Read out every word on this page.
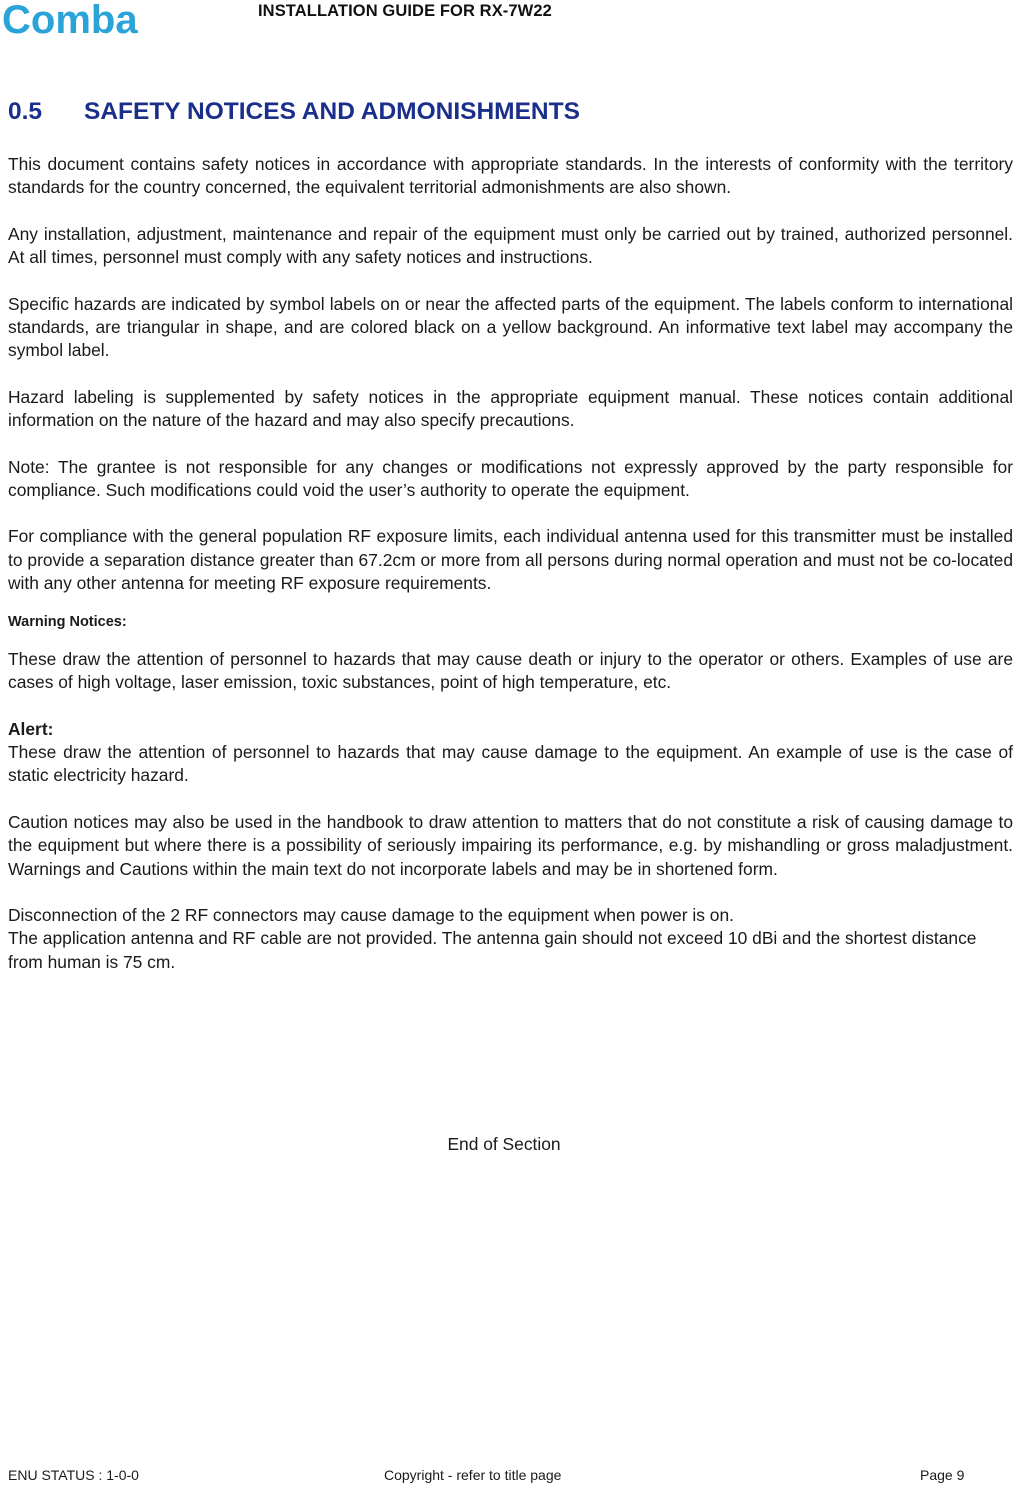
Comba	INSTALLATION GUIDE FOR RX-7W22
0.5 SAFETY NOTICES AND ADMONISHMENTS

This document contains safety notices in accordance with appropriate standards. In the interests of conformity with the territory standards for the country concerned, the equivalent territorial admonishments are also shown.

Any installation, adjustment, maintenance and repair of the equipment must only be carried out by trained, authorized personnel. At all times, personnel must comply with any safety notices and instructions.

Specific hazards are indicated by symbol labels on or near the affected parts of the equipment. The labels conform to international standards, are triangular in shape, and are colored black on a yellow background. An informative text label may accompany the symbol label.

Hazard labeling is supplemented by safety notices in the appropriate equipment manual. These notices contain additional information on the nature of the hazard and may also specify precautions.

Note: The grantee is not responsible for any changes or modifications not expressly approved by the party responsible for compliance. Such modifications could void the user’s authority to operate the equipment.

For compliance with the general population RF exposure limits, each individual antenna used for this transmitter must be installed to provide a separation distance greater than 67.2cm or more from all persons during normal operation and must not be co-located with any other antenna for meeting RF exposure requirements.

Warning Notices:

These draw the attention of personnel to hazards that may cause death or injury to the operator or others. Examples of use are cases of high voltage, laser emission, toxic substances, point of high temperature, etc.

Alert:

These draw the attention of personnel to hazards that may cause damage to the equipment. An example of use is the case of static electricity hazard.

Caution notices may also be used in the handbook to draw attention to matters that do not constitute a risk of causing damage to the equipment but where there is a possibility of seriously impairing its performance, e.g. by mishandling or gross maladjustment. Warnings and Cautions within the main text do not incorporate labels and may be in shortened form.

Disconnection of the 2 RF connectors may cause damage to the equipment when power is on.

The application antenna and RF cable are not provided. The antenna gain should not exceed 10 dBi and the shortest distance from human is 75 cm.

End of Section
ENU STATUS : 1-0-0	Copyright - refer to title page	Page 9
